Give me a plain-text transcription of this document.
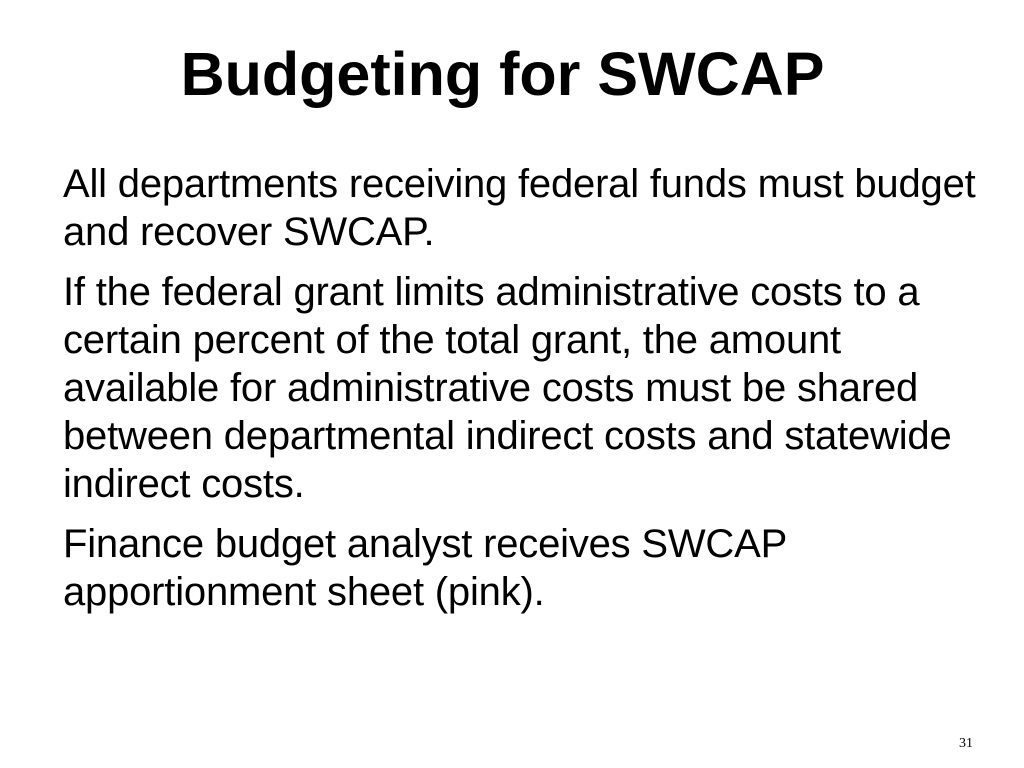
Budgeting for SWCAP

All departments receiving federal funds must budget and recover SWCAP.

If the federal grant limits administrative costs to a certain percent of the total grant, the amount available for administrative costs must be shared between departmental indirect costs and statewide indirect costs.

Finance budget analyst receives SWCAP apportionment sheet (pink).

31
